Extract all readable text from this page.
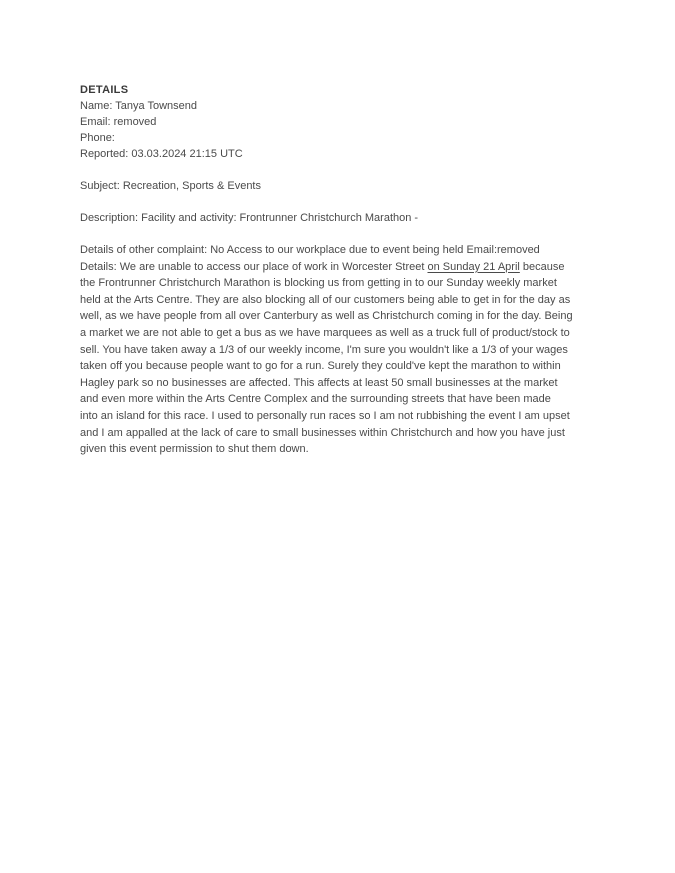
DETAILS
Name: Tanya Townsend
Email: removed
Phone:
Reported: 03.03.2024 21:15 UTC
Subject: Recreation, Sports & Events
Description: Facility and activity: Frontrunner Christchurch Marathon -
Details of other complaint: No Access to our workplace due to event being held Email:removed
Details: We are unable to access our place of work in Worcester Street on Sunday 21 April because
the Frontrunner Christchurch Marathon is blocking us from getting in to our Sunday weekly market
held at the Arts Centre. They are also blocking all of our customers being able to get in for the day as
well, as we have people from all over Canterbury as well as Christchurch coming in for the day. Being
a market we are not able to get a bus as we have marquees as well as a truck full of product/stock to
sell. You have taken away a 1/3 of our weekly income, I'm sure you wouldn't like a 1/3 of your wages
taken off you because people want to go for a run. Surely they could've kept the marathon to within
Hagley park so no businesses are affected. This affects at least 50 small businesses at the market
and even more within the Arts Centre Complex and the surrounding streets that have been made
into an island for this race. I used to personally run races so I am not rubbishing the event I am upset
and I am appalled at the lack of care to small businesses within Christchurch and how you have just
given this event permission to shut them down.
